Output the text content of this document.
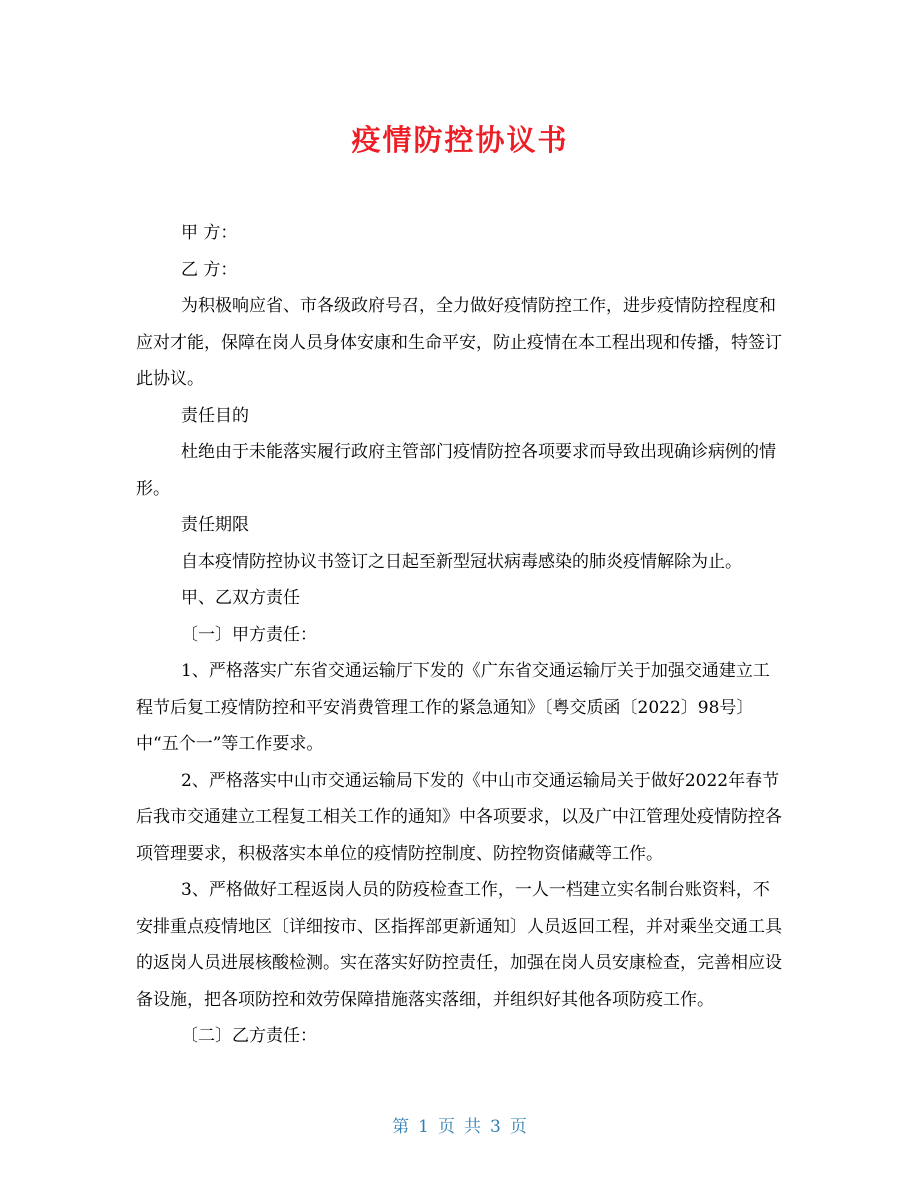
疫情防控协议书

甲 方：

乙 方：

为积极响应省、市各级政府号召，全力做好疫情防控工作，进步疫情防控程度和应对才能，保障在岗人员身体安康和生命平安，防止疫情在本工程出现和传播，特签订此协议。

责任目的

杜绝由于未能落实履行政府主管部门疫情防控各项要求而导致出现确诊病例的情形。

责任期限

自本疫情防控协议书签订之日起至新型冠状病毒感染的肺炎疫情解除为止。

甲、乙双方责任

〔一〕甲方责任：

1、严格落实广东省交通运输厅下发的《广东省交通运输厅关于加强交通建立工程节后复工疫情防控和平安消费管理工作的紧急通知》〔粤交质函〔2022〕98号〕中“五个一”等工作要求。

2、严格落实中山市交通运输局下发的《中山市交通运输局关于做好2022年春节后我市交通建立工程复工相关工作的通知》中各项要求，以及广中江管理处疫情防控各项管理要求，积极落实本单位的疫情防控制度、防控物资储藏等工作。

3、严格做好工程返岗人员的防疫检查工作，一人一档建立实名制台账资料，不安排重点疫情地区〔详细按市、区指挥部更新通知〕人员返回工程，并对乘坐交通工具的返岗人员进展核酸检测。实在落实好防控责任，加强在岗人员安康检查，完善相应设备设施，把各项防控和效劳保障措施落实落细，并组织好其他各项防疫工作。

〔二〕乙方责任：

第 1 页 共 3 页
